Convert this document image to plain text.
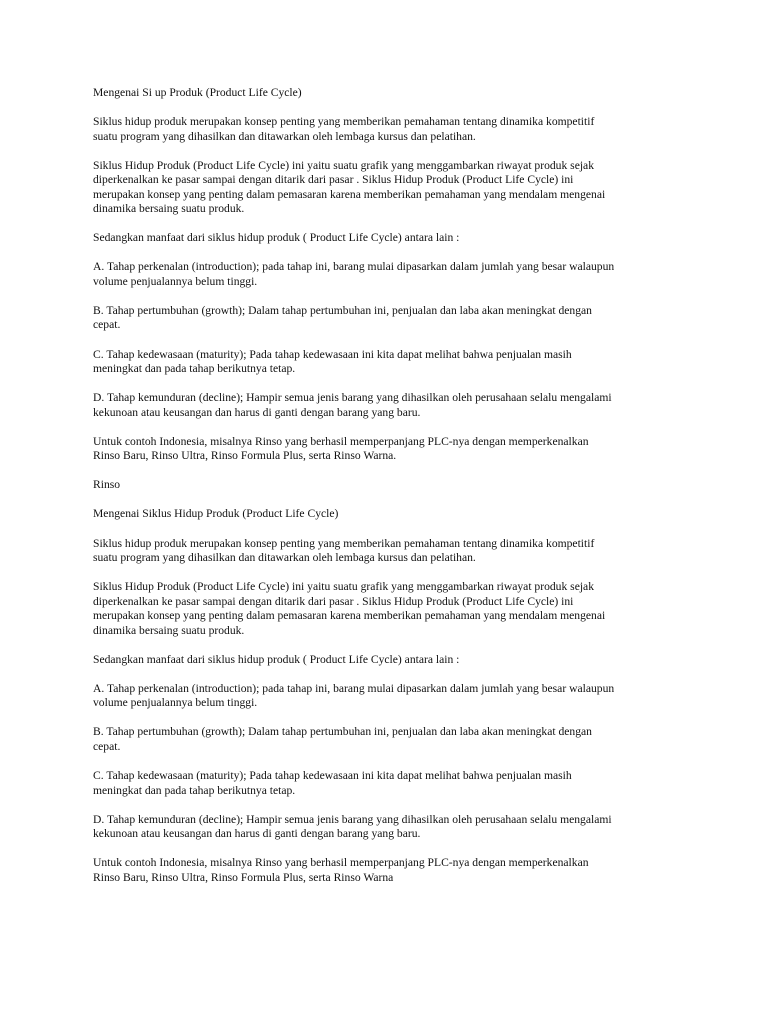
Mengenai Si up Produk (Product Life Cycle)

Siklus hidup produk merupakan konsep penting yang memberikan pemahaman tentang dinamika kompetitif
suatu program yang dihasilkan dan ditawarkan oleh lembaga kursus dan pelatihan.

Siklus Hidup Produk (Product Life Cycle) ini yaitu suatu grafik yang menggambarkan riwayat produk sejak
diperkenalkan ke pasar sampai dengan ditarik dari pasar . Siklus Hidup Produk (Product Life Cycle) ini
merupakan konsep yang penting dalam pemasaran karena memberikan pemahaman yang mendalam mengenai
dinamika bersaing suatu produk.

Sedangkan manfaat dari siklus hidup produk ( Product Life Cycle) antara lain :

A. Tahap perkenalan (introduction); pada tahap ini, barang mulai dipasarkan dalam jumlah yang besar walaupun
volume penjualannya belum tinggi.

B. Tahap pertumbuhan (growth); Dalam tahap pertumbuhan ini, penjualan dan laba akan meningkat dengan
cepat.

C. Tahap kedewasaan (maturity); Pada tahap kedewasaan ini kita dapat melihat bahwa penjualan masih
meningkat dan pada tahap berikutnya tetap.

D. Tahap kemunduran (decline); Hampir semua jenis barang yang dihasilkan oleh perusahaan selalu mengalami
kekunoan atau keusangan dan harus di ganti dengan barang yang baru.

Untuk contoh Indonesia, misalnya Rinso yang berhasil memperpanjang PLC-nya dengan memperkenalkan
Rinso Baru, Rinso Ultra, Rinso Formula Plus, serta Rinso Warna.

Rinso

Mengenai Siklus Hidup Produk (Product Life Cycle)

Siklus hidup produk merupakan konsep penting yang memberikan pemahaman tentang dinamika kompetitif
suatu program yang dihasilkan dan ditawarkan oleh lembaga kursus dan pelatihan.

Siklus Hidup Produk (Product Life Cycle) ini yaitu suatu grafik yang menggambarkan riwayat produk sejak
diperkenalkan ke pasar sampai dengan ditarik dari pasar . Siklus Hidup Produk (Product Life Cycle) ini
merupakan konsep yang penting dalam pemasaran karena memberikan pemahaman yang mendalam mengenai
dinamika bersaing suatu produk.

Sedangkan manfaat dari siklus hidup produk ( Product Life Cycle) antara lain :

A. Tahap perkenalan (introduction); pada tahap ini, barang mulai dipasarkan dalam jumlah yang besar walaupun
volume penjualannya belum tinggi.

B. Tahap pertumbuhan (growth); Dalam tahap pertumbuhan ini, penjualan dan laba akan meningkat dengan
cepat.

C. Tahap kedewasaan (maturity); Pada tahap kedewasaan ini kita dapat melihat bahwa penjualan masih
meningkat dan pada tahap berikutnya tetap.

D. Tahap kemunduran (decline); Hampir semua jenis barang yang dihasilkan oleh perusahaan selalu mengalami
kekunoan atau keusangan dan harus di ganti dengan barang yang baru.

Untuk contoh Indonesia, misalnya Rinso yang berhasil memperpanjang PLC-nya dengan memperkenalkan
Rinso Baru, Rinso Ultra, Rinso Formula Plus, serta Rinso Warna
